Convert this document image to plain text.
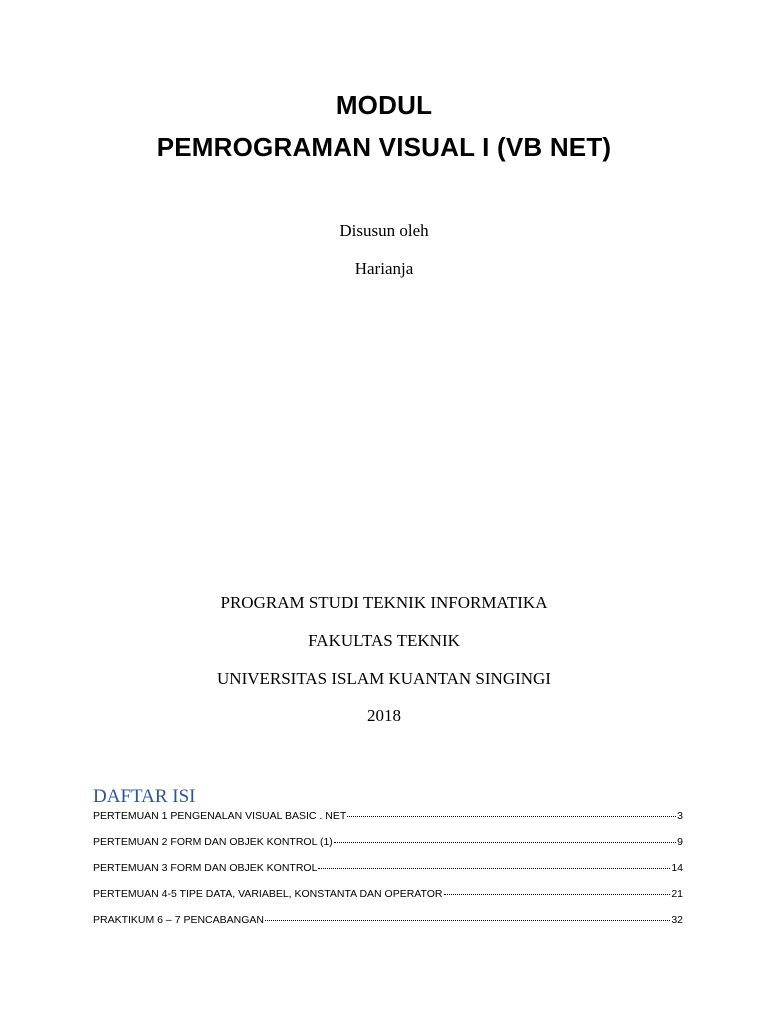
MODUL
PEMROGRAMAN VISUAL I (VB NET)
Disusun oleh
Harianja
PROGRAM STUDI TEKNIK INFORMATIKA
FAKULTAS TEKNIK
UNIVERSITAS ISLAM KUANTAN SINGINGI
2018
DAFTAR ISI
PERTEMUAN 1 PENGENALAN VISUAL BASIC . NET	3
PERTEMUAN 2 FORM DAN OBJEK KONTROL (1)	9
PERTEMUAN 3 FORM DAN OBJEK KONTROL	14
PERTEMUAN 4-5 TIPE DATA, VARIABEL, KONSTANTA DAN OPERATOR	21
PRAKTIKUM 6 – 7 PENCABANGAN	32
